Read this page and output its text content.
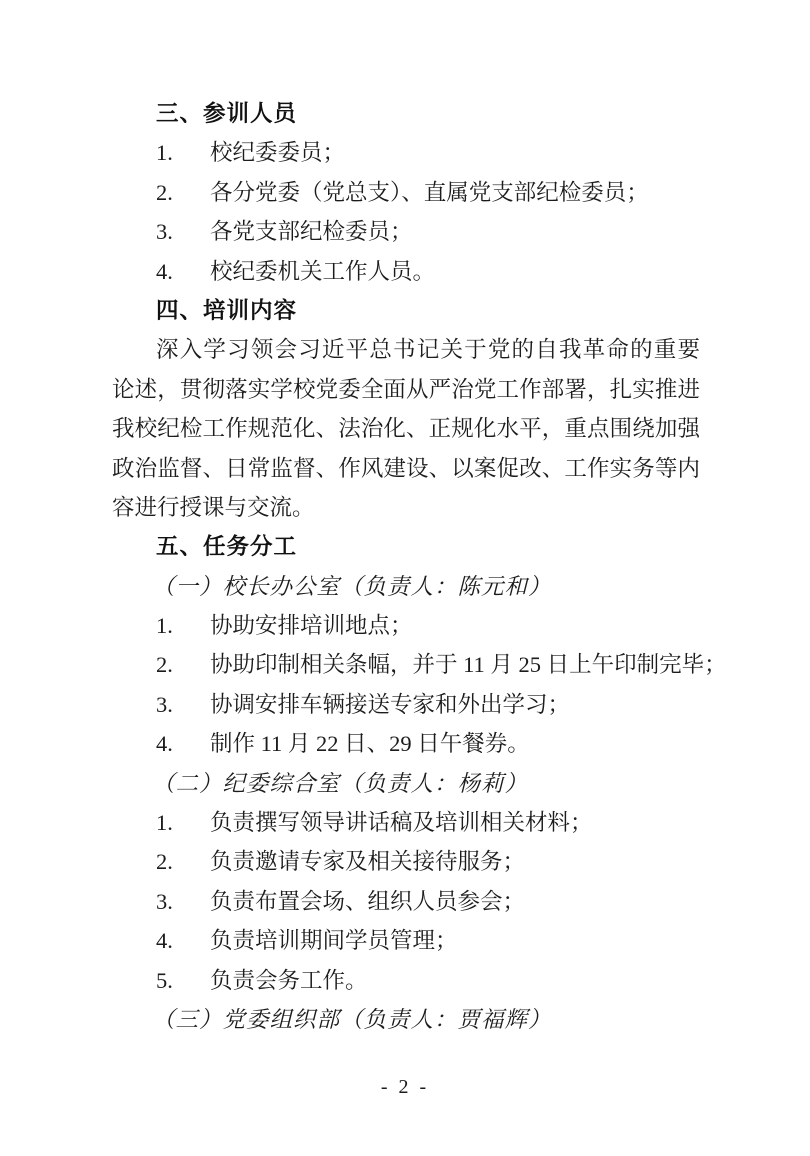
三、参训人员
1. 校纪委委员；
2. 各分党委（党总支）、直属党支部纪检委员；
3. 各党支部纪检委员；
4. 校纪委机关工作人员。
四、培训内容
深入学习领会习近平总书记关于党的自我革命的重要
论述，贯彻落实学校党委全面从严治党工作部署，扎实推进
我校纪检工作规范化、法治化、正规化水平，重点围绕加强
政治监督、日常监督、作风建设、以案促改、工作实务等内
容进行授课与交流。
五、任务分工
（一）校长办公室（负责人：陈元和）
1. 协助安排培训地点；
2. 协助印制相关条幅，并于 11 月 25 日上午印制完毕；
3. 协调安排车辆接送专家和外出学习；
4. 制作 11 月 22 日、29 日午餐券。
（二）纪委综合室（负责人：杨莉）
1. 负责撰写领导讲话稿及培训相关材料；
2. 负责邀请专家及相关接待服务；
3. 负责布置会场、组织人员参会；
4. 负责培训期间学员管理；
5. 负责会务工作。
（三）党委组织部（负责人：贾福辉）
- 2 -
